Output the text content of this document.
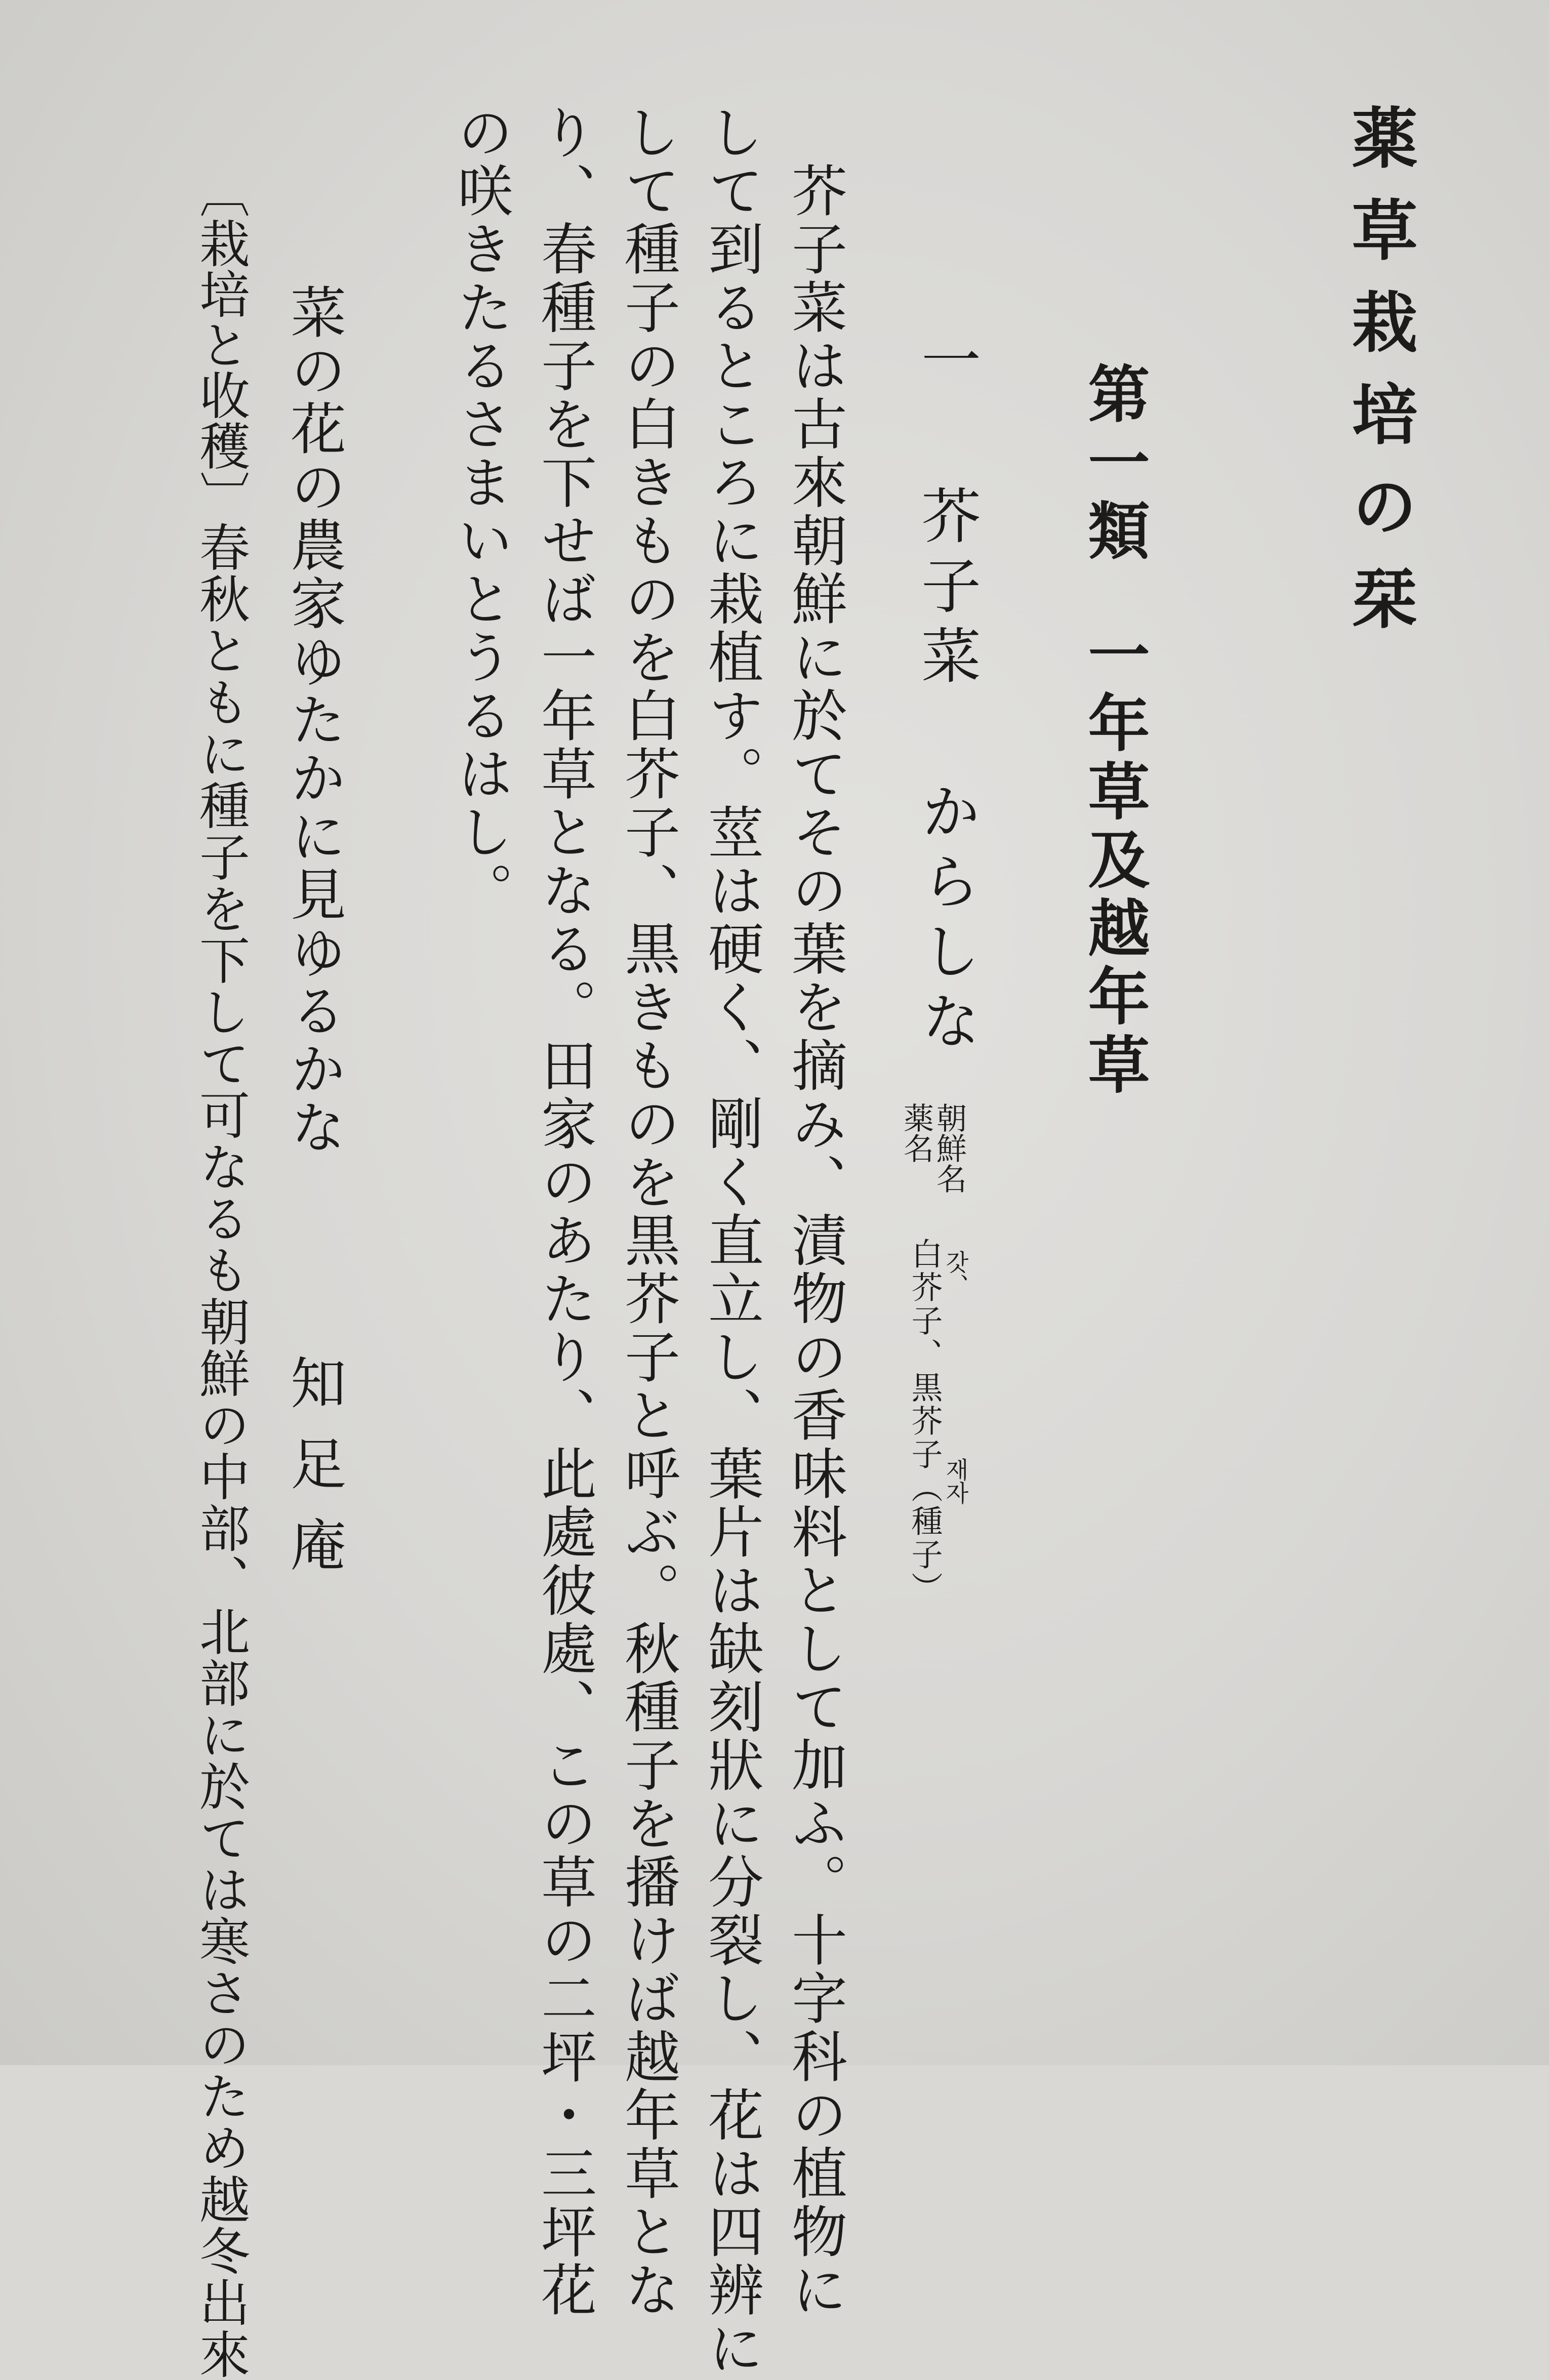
薬草栽培の栞
第一類一年草及越年草
一芥子菜からしな
朝鮮名
薬名
갓、
白芥子、黒芥子（種子）
재자
芥子菜は古來朝鮮に於てその葉を摘み、漬物の香味料として加ふ。十字科の植物に
して到るところに栽植す。莖は硬く、剛く直立し、葉片は缺刻狀に分裂し、花は四辨に
して種子の白きものを白芥子、黒きものを黒芥子と呼ぶ。秋種子を播けば越年草とな
り、春種子を下せば一年草となる。田家のあたり、此處彼處、この草の二坪・三坪花
の咲きたるさまいとうるはし。
菜の花の農家ゆたかに見ゆるかな
知足庵
〔栽培と收穫〕春秋ともに種子を下して可なるも朝鮮の中部、北部に於ては寒さのため越冬出來
